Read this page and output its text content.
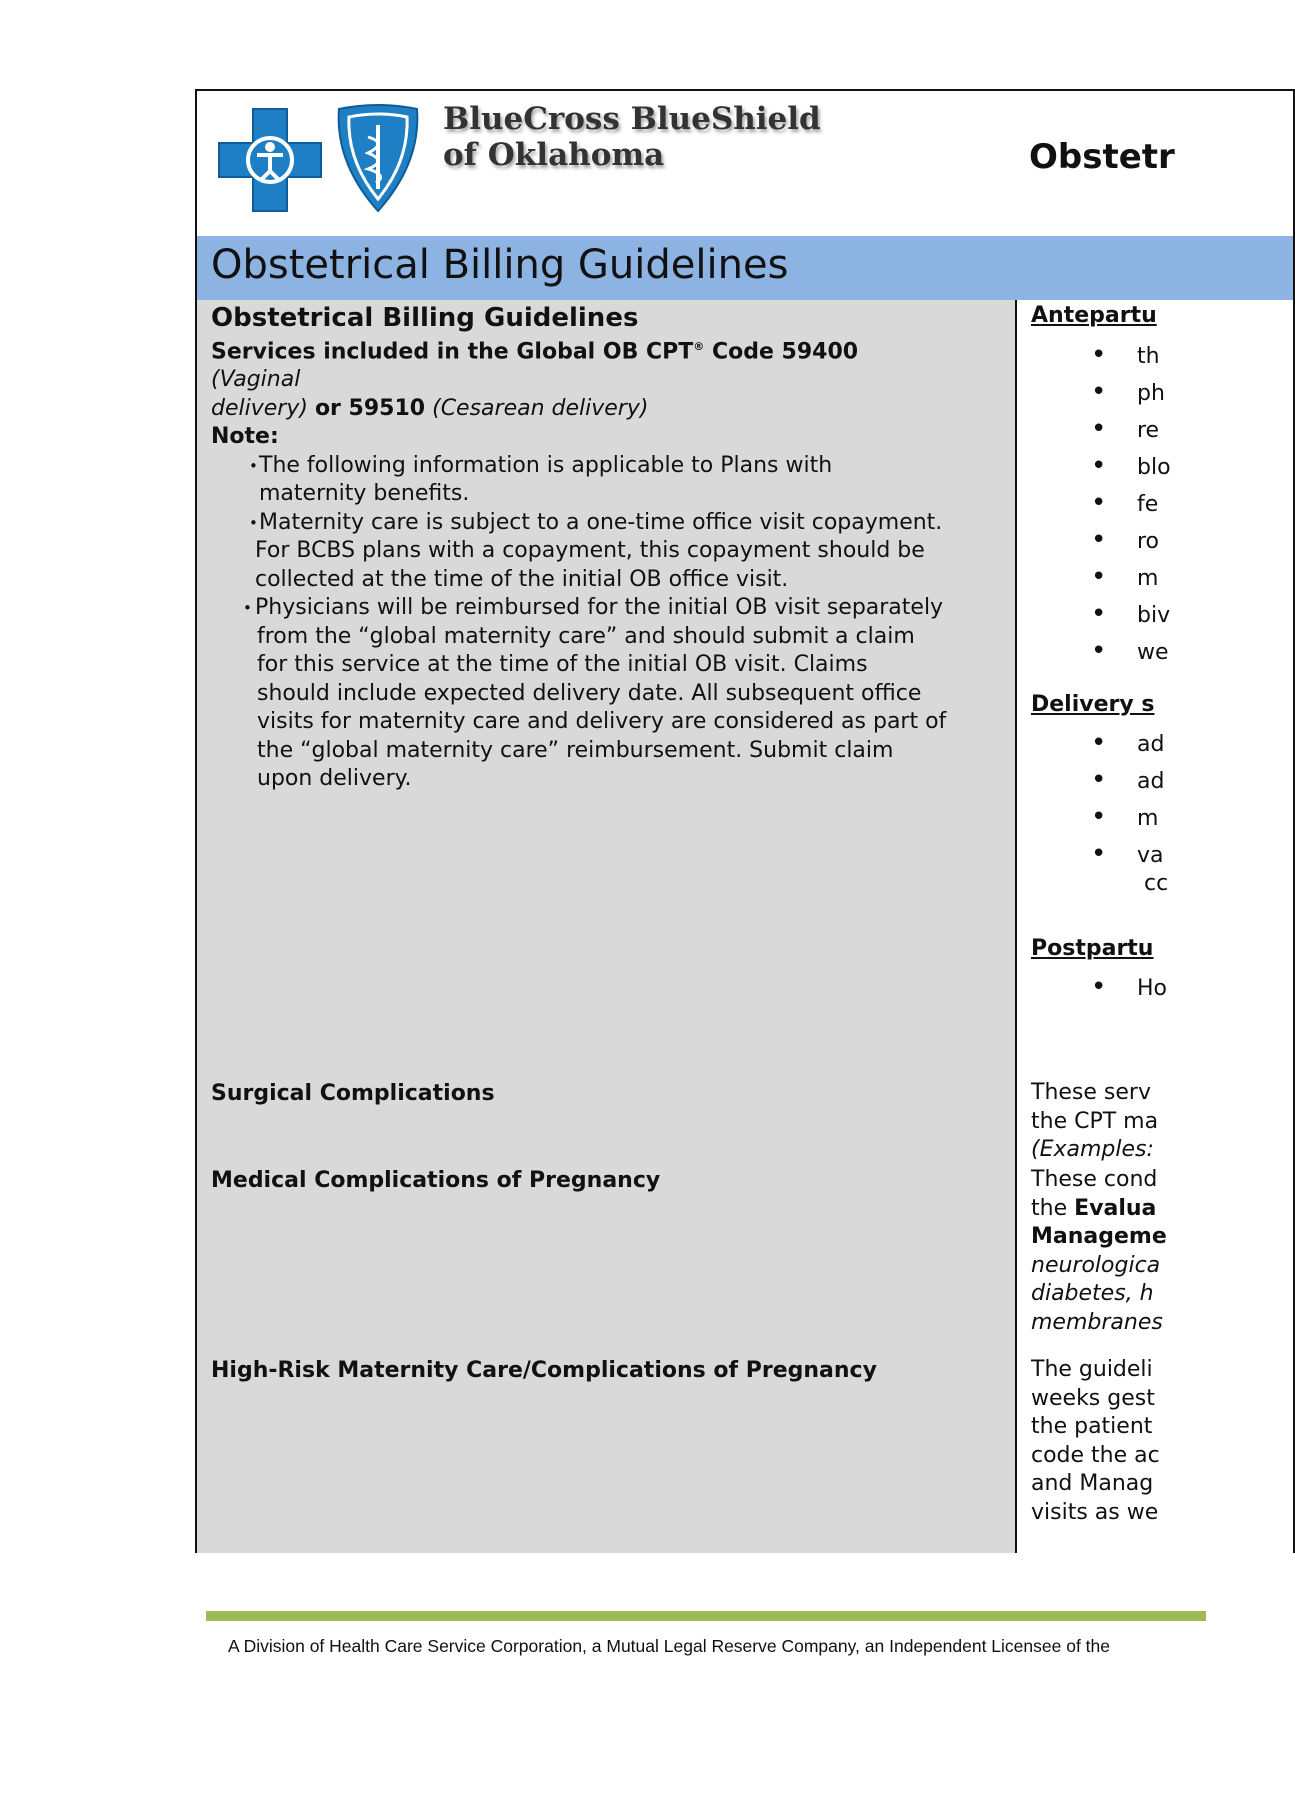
BlueCross BlueShield
of Oklahoma	Obstetr
Obstetrical Billing Guidelines
Obstetrical Billing Guidelines
Services included in the Global OB CPT® Code 59400
(Vaginal
delivery) or 59510 (Cesarean delivery)
Note:
• The following information is applicable to Plans with
maternity benefits.
• Maternity care is subject to a one-time office visit copayment.
For BCBS plans with a copayment, this copayment should be
collected at the time of the initial OB office visit.
• Physicians will be reimbursed for the initial OB visit separately
from the “global maternity care” and should submit a claim
for this service at the time of the initial OB visit. Claims
should include expected delivery date. All subsequent office
visits for maternity care and delivery are considered as part of
the “global maternity care” reimbursement. Submit claim
upon delivery.
Antepartu
• th
• ph
• re
• blo
• fe
• ro
• m
• biv
• we
Delivery s
• ad
• ad
• m
• va
cc
Postpartu
• Ho
Surgical Complications	These serv
the CPT ma
(Examples:
Medical Complications of Pregnancy	These cond
the Evalua
Manageme
neurologica
diabetes, h
membranes
High-Risk Maternity Care/Complications of Pregnancy	The guideli
weeks gest
the patient
code the ac
and Manag
visits as we
A Division of Health Care Service Corporation, a Mutual Legal Reserve Company, an Independent Licensee of the
